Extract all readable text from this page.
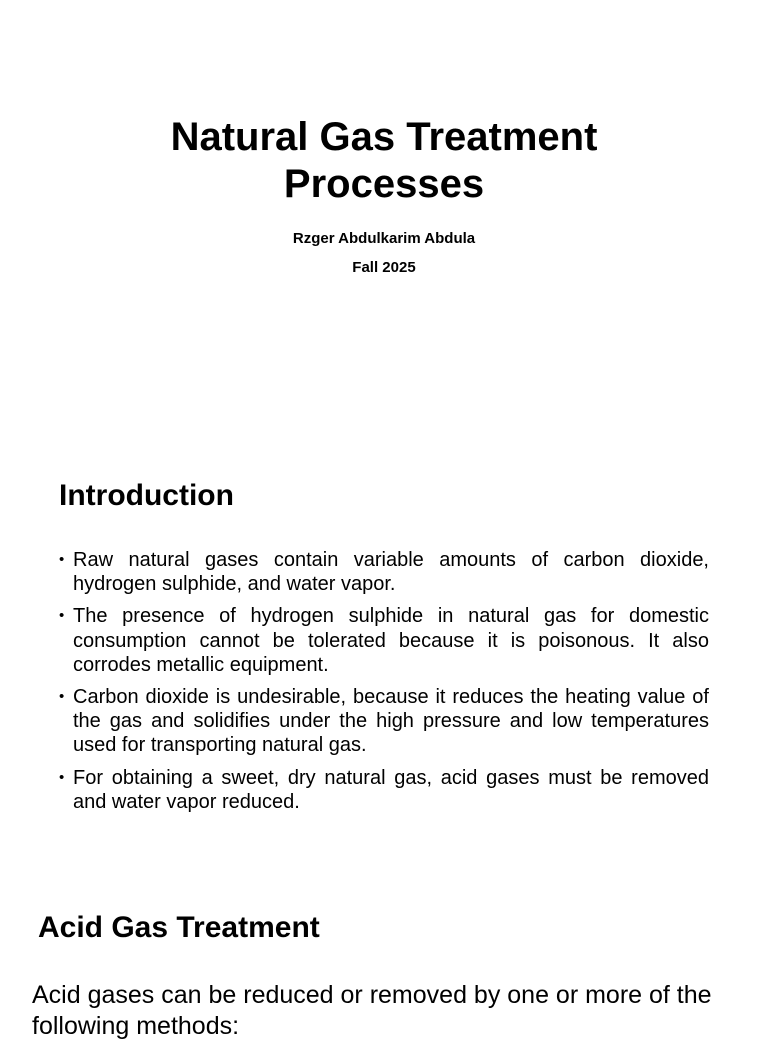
Natural Gas Treatment
Processes
Rzger Abdulkarim Abdula
Fall 2025
Introduction
• Raw natural gases contain variable amounts of carbon dioxide, hydrogen sulphide, and water vapor.
• The presence of hydrogen sulphide in natural gas for domestic consumption cannot be tolerated because it is poisonous. It also corrodes metallic equipment.
• Carbon dioxide is undesirable, because it reduces the heating value of the gas and solidifies under the high pressure and low temperatures used for transporting natural gas.
• For obtaining a sweet, dry natural gas, acid gases must be removed and water vapor reduced.
Acid Gas Treatment

Acid gases can be reduced or removed by one or more of the following methods:
